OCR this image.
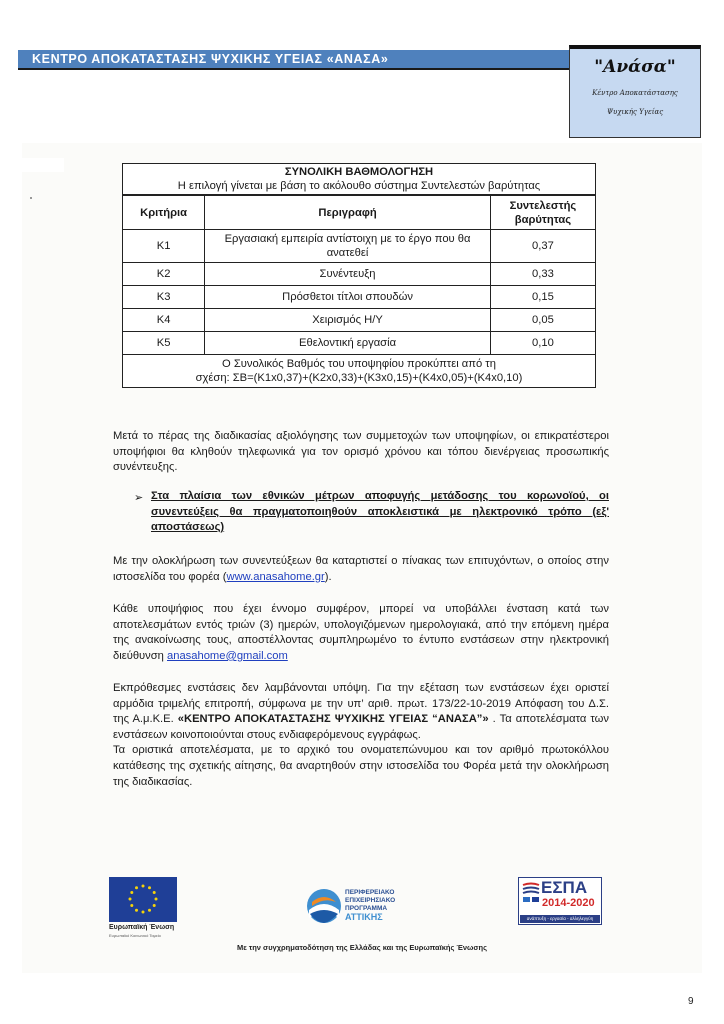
ΚΕΝΤΡΟ ΑΠΟΚΑΤΑΣΤΑΣΗΣ ΨΥΧΙΚΗΣ ΥΓΕΙΑΣ «ΑΝΑΣΑ»	"Ανάσα"
Κέντρο Αποκατάστασης
Ψυχικής Υγείας
ΣΥΝΟΛΙΚΗ ΒΑΘΜΟΛΟΓΗΣΗ
Η επιλογή γίνεται με βάση το ακόλουθο σύστημα Συντελεστών βαρύτητας		
Κριτήρια	Περιγραφή	Συντελεστής βαρύτητας
Κ1	Εργασιακή εμπειρία αντίστοιχη με το έργο που θα ανατεθεί	0,37
Κ2	Συνέντευξη	0,33
Κ3	Πρόσθετοι τίτλοι σπουδών	0,15
Κ4	Χειρισμός Η/Υ	0,05
Κ5	Εθελοντική εργασία	0,10

Ο Συνολικός Βαθμός του υποψηφίου προκύπτει από τη
σχέση: ΣΒ=(Κ1x0,37)+(Κ2x0,33)+(Κ3x0,15)+(Κ4x0,05)+(Κ4x0,10)		
Μετά το πέρας της διαδικασίας αξιολόγησης των συμμετοχών των υποψηφίων, οι επικρατέστεροι υποψήφιοι θα κληθούν τηλεφωνικά για τον ορισμό χρόνου και τόπου διενέργειας προσωπικής συνέντευξης.
➢ Στα πλαίσια των εθνικών μέτρων αποφυγής μετάδοσης του κορωνοϊού, οι συνεντεύξεις θα πραγματοποιηθούν αποκλειστικά με ηλεκτρονικό τρόπο (εξ' αποστάσεως)
Με την ολοκλήρωση των συνεντεύξεων θα καταρτιστεί ο πίνακας των επιτυχόντων, ο οποίος στην ιστοσελίδα του φορέα (www.anasahome.gr).
Κάθε υποψήφιος που έχει έννομο συμφέρον, μπορεί να υποβάλλει ένσταση κατά των αποτελεσμάτων εντός τριών (3) ημερών, υπολογιζόμενων ημερολογιακά, από την επόμενη ημέρα της ανακοίνωσης τους, αποστέλλοντας συμπληρωμένο το έντυπο ενστάσεων στην ηλεκτρονική διεύθυνση anasahome@gmail.com
Εκπρόθεσμες ενστάσεις δεν λαμβάνονται υπόψη. Για την εξέταση των ενστάσεων έχει οριστεί αρμόδια τριμελής επιτροπή, σύμφωνα με την υπ’ αριθ. πρωτ. 173/22-10-2019 Απόφαση του Δ.Σ. της Α.μ.Κ.Ε. «ΚΕΝΤΡΟ ΑΠΟΚΑΤΑΣΤΑΣΗΣ ΨΥΧΙΚΗΣ ΥΓΕΙΑΣ “ΑΝΑΣΑ”» . Τα αποτελέσματα των ενστάσεων κοινοποιούνται στους ενδιαφερόμενους εγγράφως.
Τα οριστικά αποτελέσματα, με το αρχικό του ονοματεπώνυμου και τον αριθμό πρωτοκόλλου κατάθεσης της σχετικής αίτησης, θα αναρτηθούν στην ιστοσελίδα του Φορέα μετά την ολοκλήρωση της διαδικασίας.
Ευρωπαϊκή Ένωση
Ευρωπαϊκό Κοινωνικό Ταμείο
ΠΕΡΙΦΕΡΕΙΑΚΟ
ΕΠΙΧΕΙΡΗΣΙΑΚΟ
ΠΡΟΓΡΑΜΜΑ
ΑΤΤΙΚΗΣ
ΕΣΠΑ
2014-2020
ανάπτυξη - εργασία - αλληλεγγύη
Με την συγχρηματοδότηση της Ελλάδας και της Ευρωπαϊκής Ένωσης
9
